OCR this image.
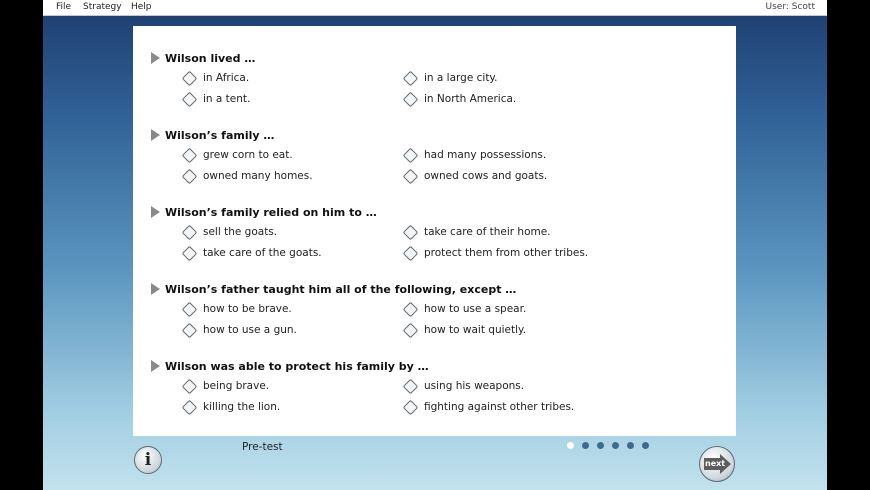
File Strategy Help	User: Scott
Wilson lived …
in Africa.	in a large city.
in a tent.	in North America.
Wilson’s family …
grew corn to eat.	had many possessions.
owned many homes.	owned cows and goats.
Wilson’s family relied on him to …
sell the goats.	take care of their home.
take care of the goats.	protect them from other tribes.
Wilson’s father taught him all of the following, except …
how to be brave.	how to use a spear.
how to use a gun.	how to wait quietly.
Wilson was able to protect his family by …
being brave.	using his weapons.
killing the lion.	fighting against other tribes.
i
Pre-test
next
